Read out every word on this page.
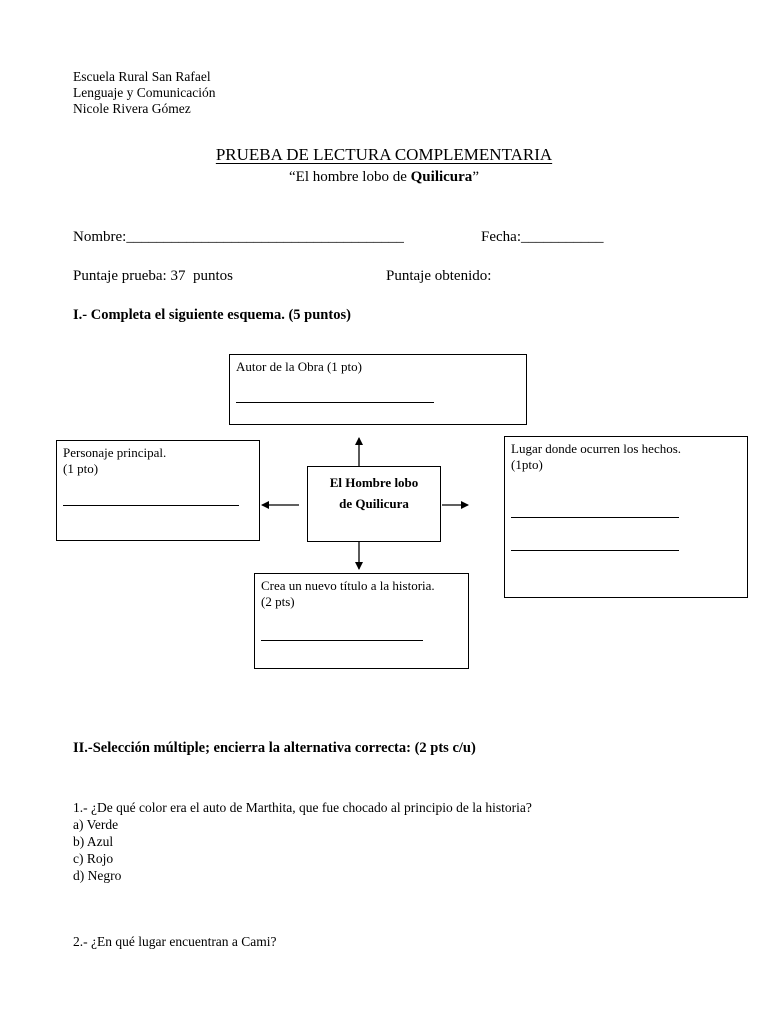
Escuela Rural San Rafael
Lenguaje y Comunicación
Nicole Rivera Gómez
PRUEBA DE LECTURA COMPLEMENTARIA
“El hombre lobo de Quilicura”
Nombre:_____________________________________	Fecha:___________
Puntaje prueba: 37  puntos	Puntaje obtenido:
I.- Completa el siguiente esquema. (5 puntos)
Autor de la Obra (1 pto)
Personaje principal.
(1 pto)
El Hombre lobo
de Quilicura
Lugar donde ocurren los hechos.
(1pto)
Crea un nuevo título a la historia.
(2 pts)
II.-Selección múltiple; encierra la alternativa correcta: (2 pts c/u)
1.- ¿De qué color era el auto de Marthita, que fue chocado al principio de la historia?
a) Verde
b) Azul
c) Rojo
d) Negro
2.- ¿En qué lugar encuentran a Cami?
